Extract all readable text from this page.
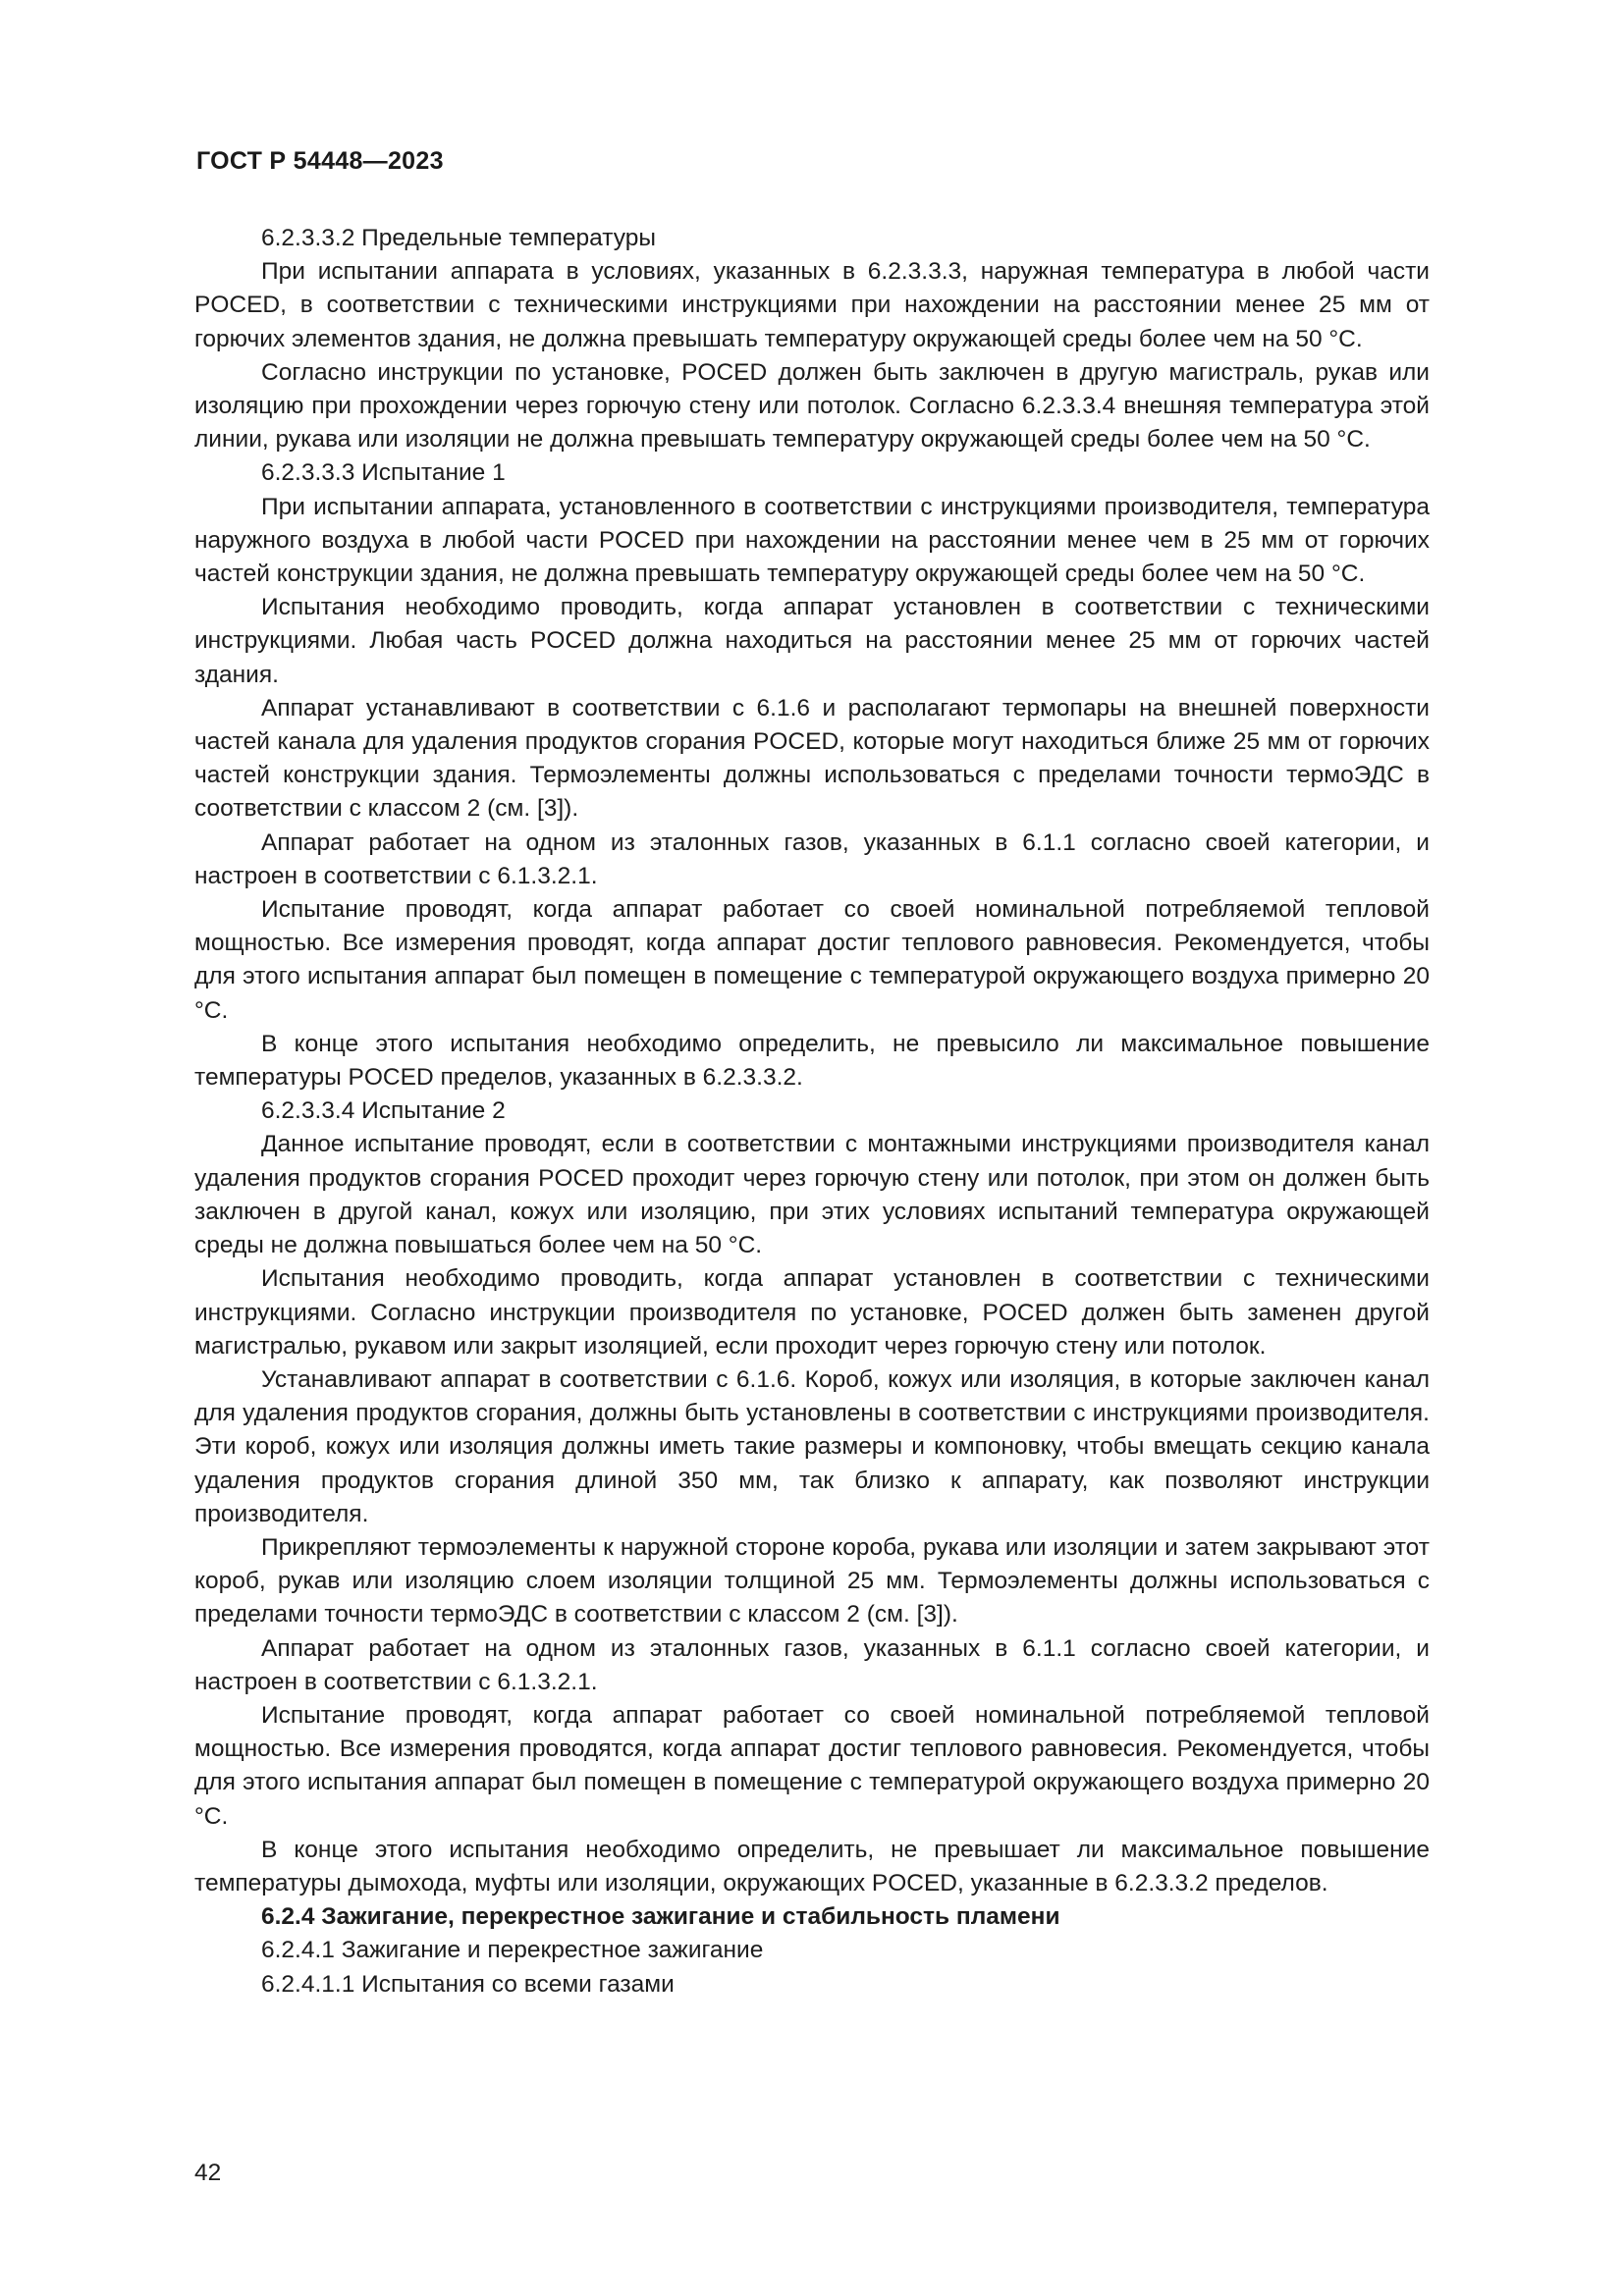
ГОСТ Р 54448—2023

6.2.3.3.2 Предельные температуры

При испытании аппарата в условиях, указанных в 6.2.3.3.3, наружная температура в любой части POCED, в соответствии с техническими инструкциями при нахождении на расстоянии менее 25 мм от горючих элементов здания, не должна превышать температуру окружающей среды более чем на 50 °С.

Согласно инструкции по установке, POCED должен быть заключен в другую магистраль, рукав или изоляцию при прохождении через горючую стену или потолок. Согласно 6.2.3.3.4 внешняя температура этой линии, рукава или изоляции не должна превышать температуру окружающей среды более чем на 50 °С.

6.2.3.3.3 Испытание 1

При испытании аппарата, установленного в соответствии с инструкциями производителя, температура наружного воздуха в любой части POCED при нахождении на расстоянии менее чем в 25 мм от горючих частей конструкции здания, не должна превышать температуру окружающей среды более чем на 50 °С.

Испытания необходимо проводить, когда аппарат установлен в соответствии с техническими инструкциями. Любая часть POCED должна находиться на расстоянии менее 25 мм от горючих частей здания.

Аппарат устанавливают в соответствии с 6.1.6 и располагают термопары на внешней поверхности частей канала для удаления продуктов сгорания POCED, которые могут находиться ближе 25 мм от горючих частей конструкции здания. Термоэлементы должны использоваться с пределами точности термоЭДС в соответствии с классом 2 (см. [3]).

Аппарат работает на одном из эталонных газов, указанных в 6.1.1 согласно своей категории, и настроен в соответствии с 6.1.3.2.1.

Испытание проводят, когда аппарат работает со своей номинальной потребляемой тепловой мощностью. Все измерения проводят, когда аппарат достиг теплового равновесия. Рекомендуется, чтобы для этого испытания аппарат был помещен в помещение с температурой окружающего воздуха примерно 20 °С.

В конце этого испытания необходимо определить, не превысило ли максимальное повышение температуры POCED пределов, указанных в 6.2.3.3.2.

6.2.3.3.4 Испытание 2

Данное испытание проводят, если в соответствии с монтажными инструкциями производителя канал удаления продуктов сгорания POCED проходит через горючую стену или потолок, при этом он должен быть заключен в другой канал, кожух или изоляцию, при этих условиях испытаний температура окружающей среды не должна повышаться более чем на 50 °С.

Испытания необходимо проводить, когда аппарат установлен в соответствии с техническими инструкциями. Согласно инструкции производителя по установке, POCED должен быть заменен другой магистралью, рукавом или закрыт изоляцией, если проходит через горючую стену или потолок.

Устанавливают аппарат в соответствии с 6.1.6. Короб, кожух или изоляция, в которые заключен канал для удаления продуктов сгорания, должны быть установлены в соответствии с инструкциями производителя. Эти короб, кожух или изоляция должны иметь такие размеры и компоновку, чтобы вмещать секцию канала удаления продуктов сгорания длиной 350 мм, так близко к аппарату, как позволяют инструкции производителя.

Прикрепляют термоэлементы к наружной стороне короба, рукава или изоляции и затем закрывают этот короб, рукав или изоляцию слоем изоляции толщиной 25 мм. Термоэлементы должны использоваться с пределами точности термоЭДС в соответствии с классом 2 (см. [3]).

Аппарат работает на одном из эталонных газов, указанных в 6.1.1 согласно своей категории, и настроен в соответствии с 6.1.3.2.1.

Испытание проводят, когда аппарат работает со своей номинальной потребляемой тепловой мощностью. Все измерения проводятся, когда аппарат достиг теплового равновесия. Рекомендуется, чтобы для этого испытания аппарат был помещен в помещение с температурой окружающего воздуха примерно 20 °С.

В конце этого испытания необходимо определить, не превышает ли максимальное повышение температуры дымохода, муфты или изоляции, окружающих POCED, указанные в 6.2.3.3.2 пределов.

6.2.4 Зажигание, перекрестное зажигание и стабильность пламени

6.2.4.1 Зажигание и перекрестное зажигание

6.2.4.1.1 Испытания со всеми газами

42
